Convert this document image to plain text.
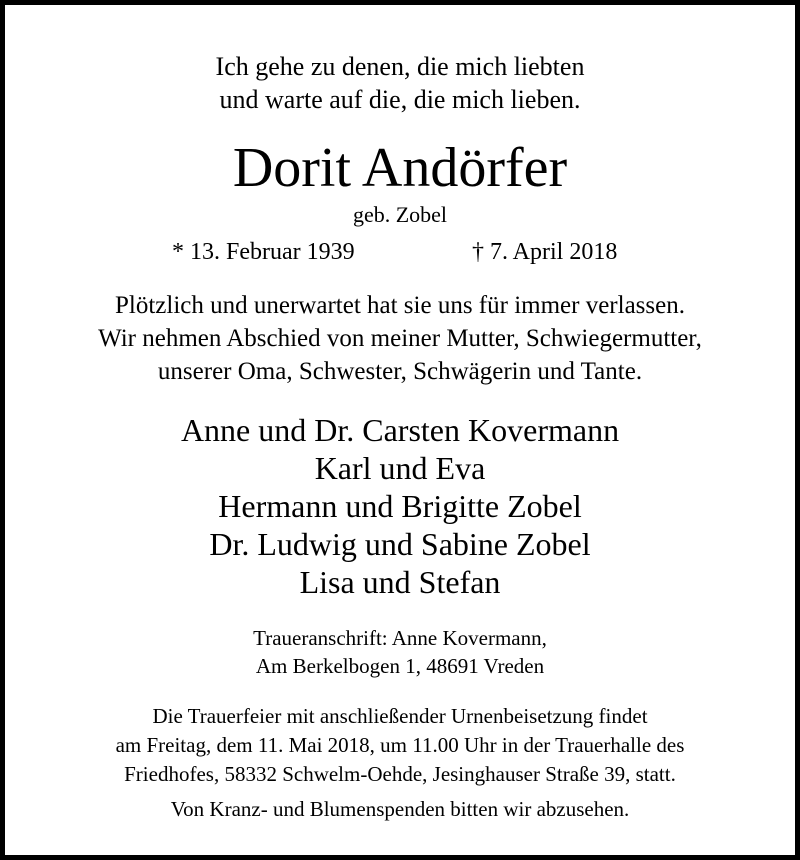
Ich gehe zu denen, die mich liebten
und warte auf die, die mich lieben.
Dorit Andörfer
geb. Zobel
* 13. Februar 1939	† 7. April 2018
Plötzlich und unerwartet hat sie uns für immer verlassen.
Wir nehmen Abschied von meiner Mutter, Schwiegermutter,
unserer Oma, Schwester, Schwägerin und Tante.
Anne und Dr. Carsten Kovermann
Karl und Eva
Hermann und Brigitte Zobel
Dr. Ludwig und Sabine Zobel
Lisa und Stefan
Traueranschrift: Anne Kovermann,
Am Berkelbogen 1, 48691 Vreden
Die Trauerfeier mit anschließender Urnenbeisetzung findet
am Freitag, dem 11. Mai 2018, um 11.00 Uhr in der Trauerhalle des
Friedhofes, 58332 Schwelm-Oehde, Jesinghauser Straße 39, statt.
Von Kranz- und Blumenspenden bitten wir abzusehen.
